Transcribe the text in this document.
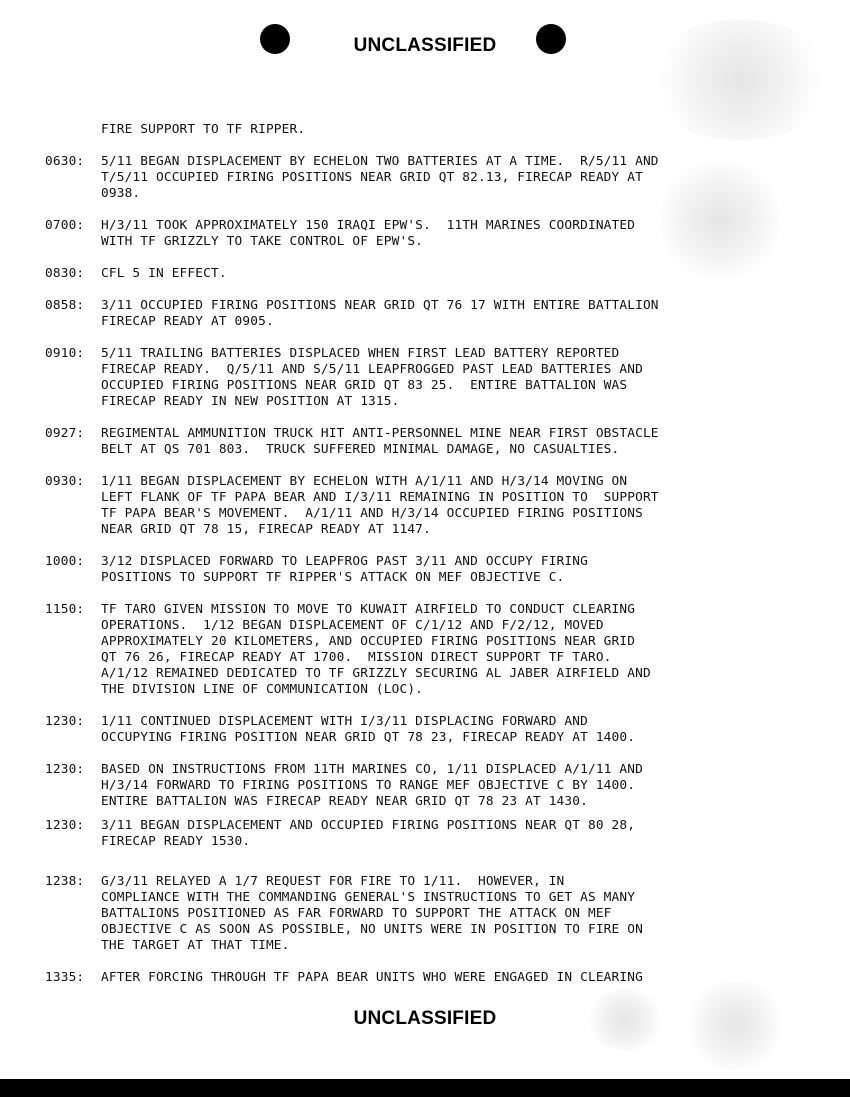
UNCLASSIFIED
FIRE SUPPORT TO TF RIPPER.
0630: 5/11 BEGAN DISPLACEMENT BY ECHELON TWO BATTERIES AT A TIME.  R/5/11 AND
T/5/11 OCCUPIED FIRING POSITIONS NEAR GRID QT 82.13, FIRECAP READY AT
0938.
0700: H/3/11 TOOK APPROXIMATELY 150 IRAQI EPW'S.  11TH MARINES COORDINATED
WITH TF GRIZZLY TO TAKE CONTROL OF EPW'S.
0830: CFL 5 IN EFFECT.
0858: 3/11 OCCUPIED FIRING POSITIONS NEAR GRID QT 76 17 WITH ENTIRE BATTALION
FIRECAP READY AT 0905.
0910: 5/11 TRAILING BATTERIES DISPLACED WHEN FIRST LEAD BATTERY REPORTED
FIRECAP READY.  Q/5/11 AND S/5/11 LEAPFROGGED PAST LEAD BATTERIES AND
OCCUPIED FIRING POSITIONS NEAR GRID QT 83 25.  ENTIRE BATTALION WAS
FIRECAP READY IN NEW POSITION AT 1315.
0927: REGIMENTAL AMMUNITION TRUCK HIT ANTI-PERSONNEL MINE NEAR FIRST OBSTACLE
BELT AT QS 701 803.  TRUCK SUFFERED MINIMAL DAMAGE, NO CASUALTIES.
0930: 1/11 BEGAN DISPLACEMENT BY ECHELON WITH A/1/11 AND H/3/14 MOVING ON
LEFT FLANK OF TF PAPA BEAR AND I/3/11 REMAINING IN POSITION TO  SUPPORT
TF PAPA BEAR'S MOVEMENT.  A/1/11 AND H/3/14 OCCUPIED FIRING POSITIONS
NEAR GRID QT 78 15, FIRECAP READY AT 1147.
1000: 3/12 DISPLACED FORWARD TO LEAPFROG PAST 3/11 AND OCCUPY FIRING
POSITIONS TO SUPPORT TF RIPPER'S ATTACK ON MEF OBJECTIVE C.
1150: TF TARO GIVEN MISSION TO MOVE TO KUWAIT AIRFIELD TO CONDUCT CLEARING
OPERATIONS.  1/12 BEGAN DISPLACEMENT OF C/1/12 AND F/2/12, MOVED
APPROXIMATELY 20 KILOMETERS, AND OCCUPIED FIRING POSITIONS NEAR GRID
QT 76 26, FIRECAP READY AT 1700.  MISSION DIRECT SUPPORT TF TARO.
A/1/12 REMAINED DEDICATED TO TF GRIZZLY SECURING AL JABER AIRFIELD AND
THE DIVISION LINE OF COMMUNICATION (LOC).
1230: 1/11 CONTINUED DISPLACEMENT WITH I/3/11 DISPLACING FORWARD AND
OCCUPYING FIRING POSITION NEAR GRID QT 78 23, FIRECAP READY AT 1400.
1230: BASED ON INSTRUCTIONS FROM 11TH MARINES CO, 1/11 DISPLACED A/1/11 AND
H/3/14 FORWARD TO FIRING POSITIONS TO RANGE MEF OBJECTIVE C BY 1400.
ENTIRE BATTALION WAS FIRECAP READY NEAR GRID QT 78 23 AT 1430.
1230: 3/11 BEGAN DISPLACEMENT AND OCCUPIED FIRING POSITIONS NEAR QT 80 28,
FIRECAP READY 1530.
1238: G/3/11 RELAYED A 1/7 REQUEST FOR FIRE TO 1/11.  HOWEVER, IN
COMPLIANCE WITH THE COMMANDING GENERAL'S INSTRUCTIONS TO GET AS MANY
BATTALIONS POSITIONED AS FAR FORWARD TO SUPPORT THE ATTACK ON MEF
OBJECTIVE C AS SOON AS POSSIBLE, NO UNITS WERE IN POSITION TO FIRE ON
THE TARGET AT THAT TIME.
1335: AFTER FORCING THROUGH TF PAPA BEAR UNITS WHO WERE ENGAGED IN CLEARING
UNCLASSIFIED
